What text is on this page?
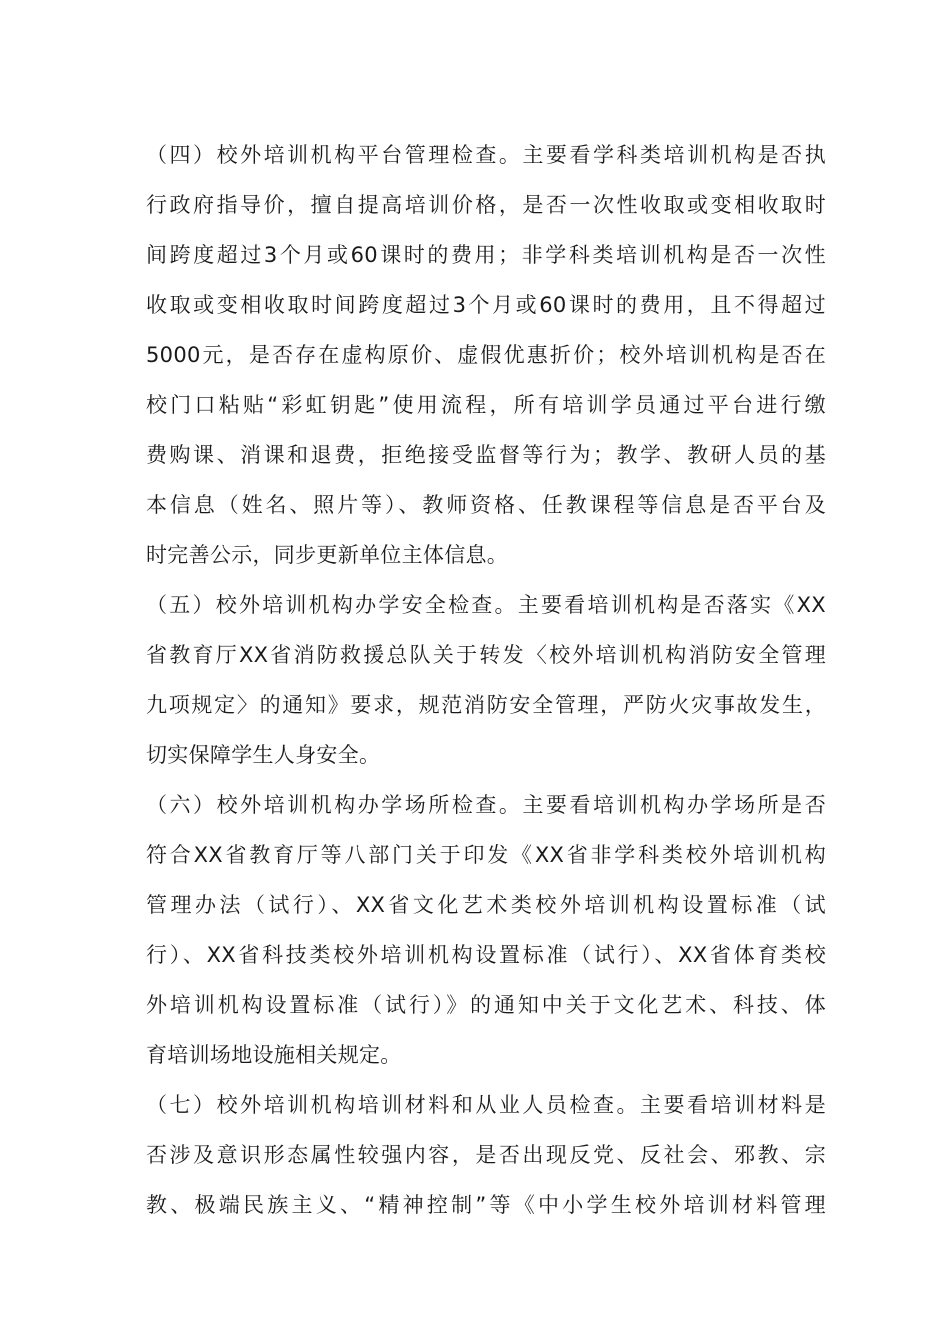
（四）校外培训机构平台管理检查。主要看学科类培训机构是否执
行政府指导价，擅自提高培训价格，是否一次性收取或变相收取时
间跨度超过3个月或60课时的费用；非学科类培训机构是否一次性
收取或变相收取时间跨度超过3个月或60课时的费用，且不得超过
5000元，是否存在虚构原价、虚假优惠折价；校外培训机构是否在
校门口粘贴“彩虹钥匙”使用流程，所有培训学员通过平台进行缴
费购课、消课和退费，拒绝接受监督等行为；教学、教研人员的基
本信息（姓名、照片等）、教师资格、任教课程等信息是否平台及
时完善公示，同步更新单位主体信息。
（五）校外培训机构办学安全检查。主要看培训机构是否落实《XX
省教育厅XX省消防救援总队关于转发〈校外培训机构消防安全管理
九项规定〉的通知》要求，规范消防安全管理，严防火灾事故发生，
切实保障学生人身安全。
（六）校外培训机构办学场所检查。主要看培训机构办学场所是否
符合XX省教育厅等八部门关于印发《XX省非学科类校外培训机构
管理办法（试行）、XX省文化艺术类校外培训机构设置标准（试
行）、XX省科技类校外培训机构设置标准（试行）、XX省体育类校
外培训机构设置标准（试行）》的通知中关于文化艺术、科技、体
育培训场地设施相关规定。
（七）校外培训机构培训材料和从业人员检查。主要看培训材料是
否涉及意识形态属性较强内容，是否出现反党、反社会、邪教、宗
教、极端民族主义、“精神控制”等《中小学生校外培训材料管理
